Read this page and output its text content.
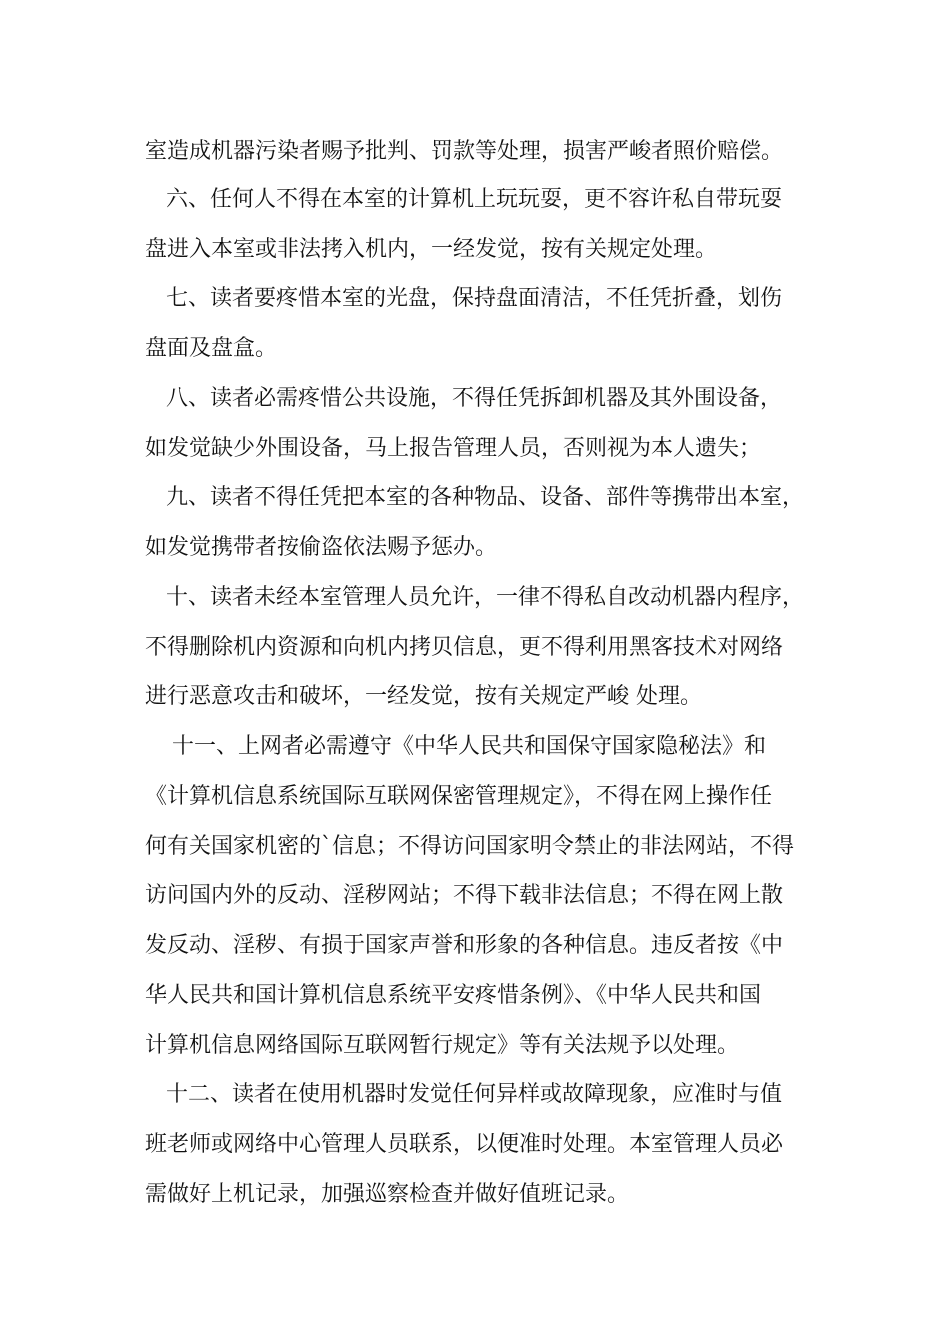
室造成机器污染者赐予批判、罚款等处理，损害严峻者照价赔偿。
六、任何人不得在本室的计算机上玩玩耍，更不容许私自带玩耍
盘进入本室或非法拷入机内，一经发觉，按有关规定处理。
七、读者要疼惜本室的光盘，保持盘面清洁，不任凭折叠，划伤
盘面及盘盒。
八、读者必需疼惜公共设施，不得任凭拆卸机器及其外围设备，
如发觉缺少外围设备，马上报告管理人员，否则视为本人遗失；
九、读者不得任凭把本室的各种物品、设备、部件等携带出本室，
如发觉携带者按偷盗依法赐予惩办。
十、读者未经本室管理人员允许，一律不得私自改动机器内程序，
不得删除机内资源和向机内拷贝信息，更不得利用黑客技术对网络
进行恶意攻击和破坏，一经发觉，按有关规定严峻 处理。
十一、上网者必需遵守《中华人民共和国保守国家隐秘法》和
《计算机信息系统国际互联网保密管理规定》，不得在网上操作任
何有关国家机密的`信息；不得访问国家明令禁止的非法网站，不得
访问国内外的反动、淫秽网站；不得下载非法信息；不得在网上散
发反动、淫秽、有损于国家声誉和形象的各种信息。违反者按《中
华人民共和国计算机信息系统平安疼惜条例》、《中华人民共和国
计算机信息网络国际互联网暂行规定》等有关法规予以处理。
十二、读者在使用机器时发觉任何异样或故障现象，应准时与值
班老师或网络中心管理人员联系，以便准时处理。本室管理人员必
需做好上机记录，加强巡察检查并做好值班记录。
